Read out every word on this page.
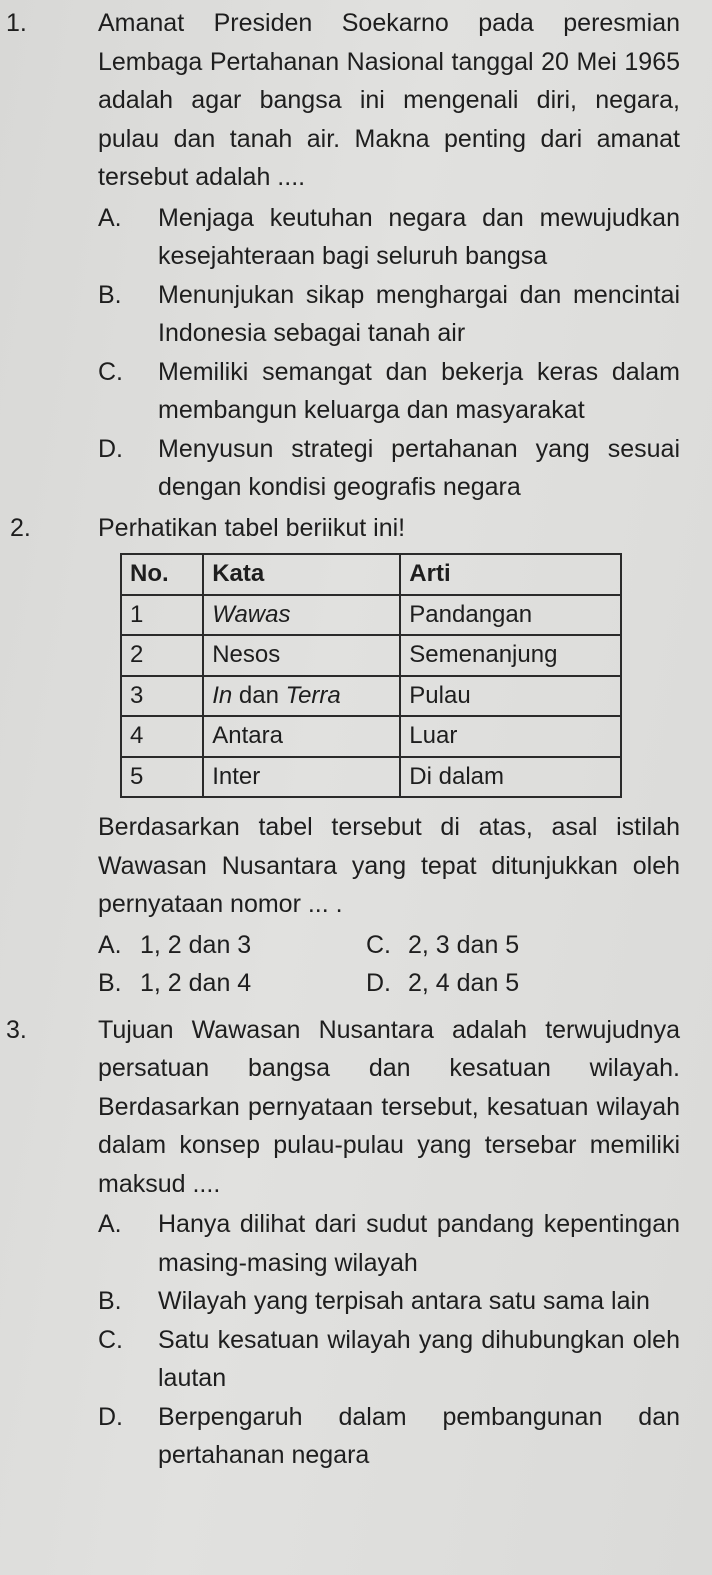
1.	Amanat Presiden Soekarno pada peresmian Lembaga Pertahanan Nasional tanggal 20 Mei 1965 adalah agar bangsa ini mengenali diri, negara, pulau dan tanah air. Makna penting dari amanat tersebut adalah ....
A.	Menjaga keutuhan negara dan mewujudkan kesejahteraan bagi seluruh bangsa
B.	Menunjukan sikap menghargai dan mencintai Indonesia sebagai tanah air
C.	Memiliki semangat dan bekerja keras dalam membangun keluarga dan masyarakat
D.	Menyusun strategi pertahanan yang sesuai dengan kondisi geografis negara
2.	Perhatikan tabel beriikut ini!
No.	Kata	Arti
1	Wawas	Pandangan
2	Nesos	Semenanjung
3	In dan Terra	Pulau
4	Antara	Luar
5	Inter	Di dalam
Berdasarkan tabel tersebut di atas, asal istilah Wawasan Nusantara yang tepat ditunjukkan oleh pernyataan nomor ... .
A. 1, 2 dan 3	C. 2, 3 dan 5
B. 1, 2 dan 4	D. 2, 4 dan 5
3.	Tujuan Wawasan Nusantara adalah terwujudnya persatuan bangsa dan kesatuan wilayah. Berdasarkan pernyataan tersebut, kesatuan wilayah dalam konsep pulau-pulau yang tersebar memiliki maksud ....
A.	Hanya dilihat dari sudut pandang kepentingan masing-masing wilayah
B.	Wilayah yang terpisah antara satu sama lain
C.	Satu kesatuan wilayah yang dihubungkan oleh lautan
D.	Berpengaruh dalam pembangunan dan pertahanan negara
